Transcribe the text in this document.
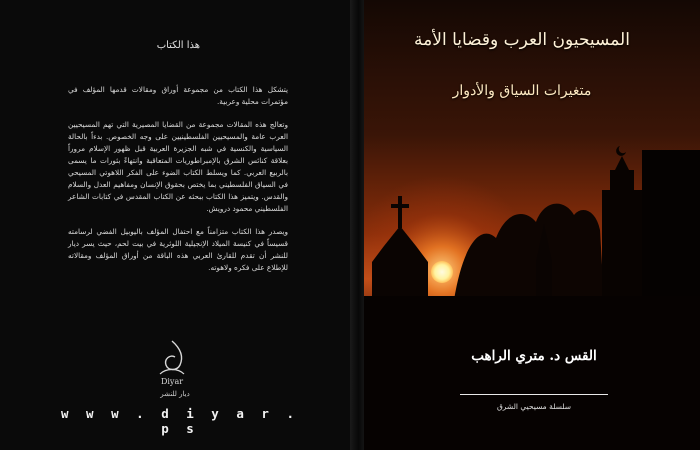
هذا الكتاب

يتشكل هذا الكتاب من مجموعة أوراق ومقالات قدمها المؤلف في مؤتمرات محلية وعربية.

وتعالج هذه المقالات مجموعة من القضايا المصيرية التي تهم المسيحيين العرب عامة والمسيحيين الفلسطينيين على وجه الخصوص. بدءاً بالحالة السياسية والكنسية في شبه الجزيرة العربية قبل ظهور الإسلام مروراً بعلاقة كنائس الشرق بالإمبراطوريات المتعاقبة وانتهاءً بثورات ما يسمى بالربيع العربي. كما ويسلط الكتاب الضوء على الفكر اللاهوتي المسيحي في السياق الفلسطيني بما يختص بحقوق الإنسان ومفاهيم العدل والسلام والقدس. ويتميز هذا الكتاب ببحثه عن الكتاب المقدس في كتابات الشاعر الفلسطيني محمود درويش.

ويصدر هذا الكتاب متزامناً مع احتفال المؤلف باليوبيل الفضي لرسامته قسيساً في كنيسة الميلاد الإنجيلية اللوثرية في بيت لحم، حيث يسر ديار للنشر أن تقدم للقارئ العربي هذه الباقة من أوراق المؤلف ومقالاته للإطلاع على فكره ولاهوته.

Diyar
ديار للنشر
w w w . d i y a r . p s
المسيحيون العرب وقضايا الأمة
متغيرات السياق والأدوار
القس د. متري الراهب
سلسلة مسيحيي الشرق
